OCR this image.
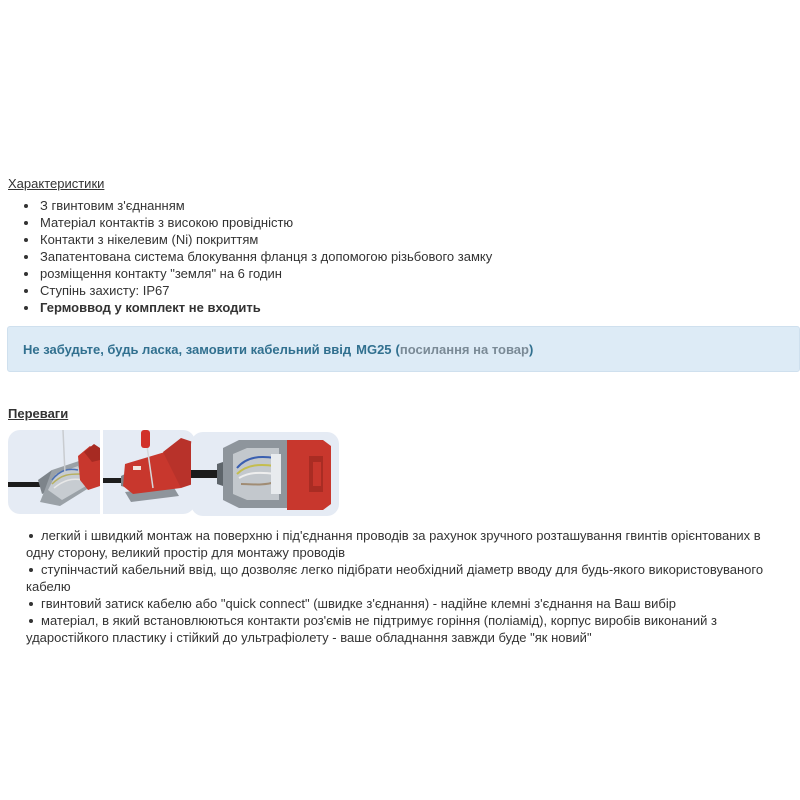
Характеристики
З гвинтовим з'єднанням
Матеріал контактів з високою провідністю
Контакти з нікелевим (Ni) покриттям
Запатентована система блокування фланця з допомогою різьбового замку
розміщення контакту "земля" на 6 годин
Ступінь захисту: IP67
Гермоввод у комплект не входить
Не забудьте, будь ласка, замовити кабельний ввід MG25 (посилання на товар)
Переваги
легкий і швидкий монтаж на поверхню і під'єднання проводів за рахунок зручного розташування гвинтів орієнтованих в одну сторону, великий простір для монтажу проводів
ступінчастий кабельний ввід, що дозволяє легко підібрати необхідний діаметр вводу для будь-якого використовуваного кабелю
гвинтовий затиск кабелю або "quick connect" (швидке з'єднання) - надійне клемні з'єднання на Ваш вибір
матеріал, в який встановлюються контакти роз'ємів не підтримує горіння (поліамід), корпус виробів виконаний з ударостійкого пластику і стійкий до ультрафіолету - ваше обладнання завжди буде "як новий"
